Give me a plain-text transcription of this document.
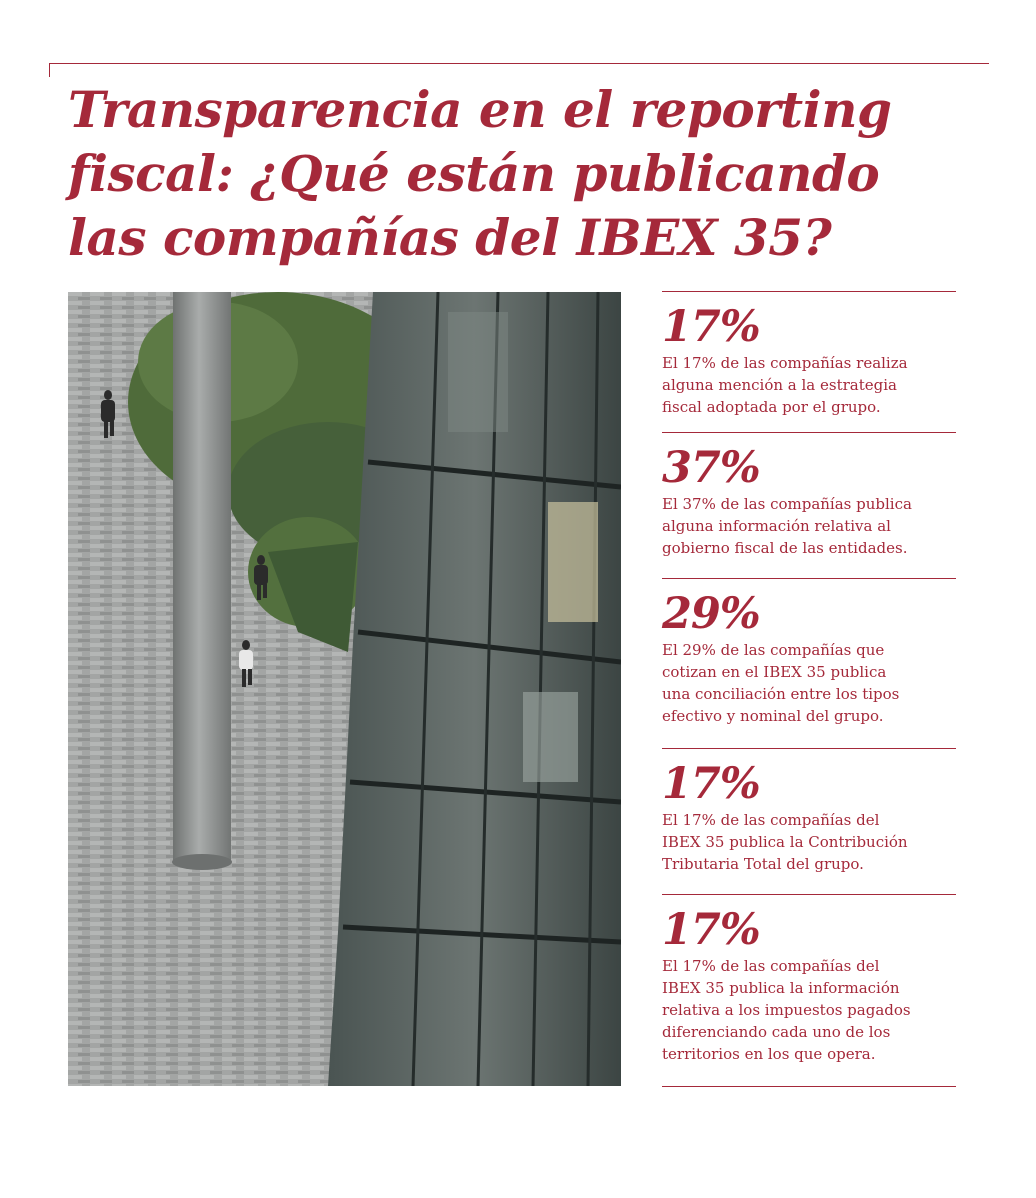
Transparencia en el reporting
fiscal: ¿Qué están publicando
las compañías del IBEX 35?
17%
El 17% de las compañías realiza
alguna mención a la estrategia
fiscal adoptada por el grupo.
37%
El 37% de las compañías publica
alguna información relativa al
gobierno fiscal de las entidades.
29%
El 29% de las compañías que
cotizan en el IBEX 35 publica
una conciliación entre los tipos
efectivo y nominal del grupo.
17%
El 17% de las compañías del
IBEX 35 publica la Contribución
Tributaria Total del grupo.
17%
El 17% de las compañías del
IBEX 35 publica la información
relativa a los impuestos pagados
diferenciando cada uno de los
territorios en los que opera.
